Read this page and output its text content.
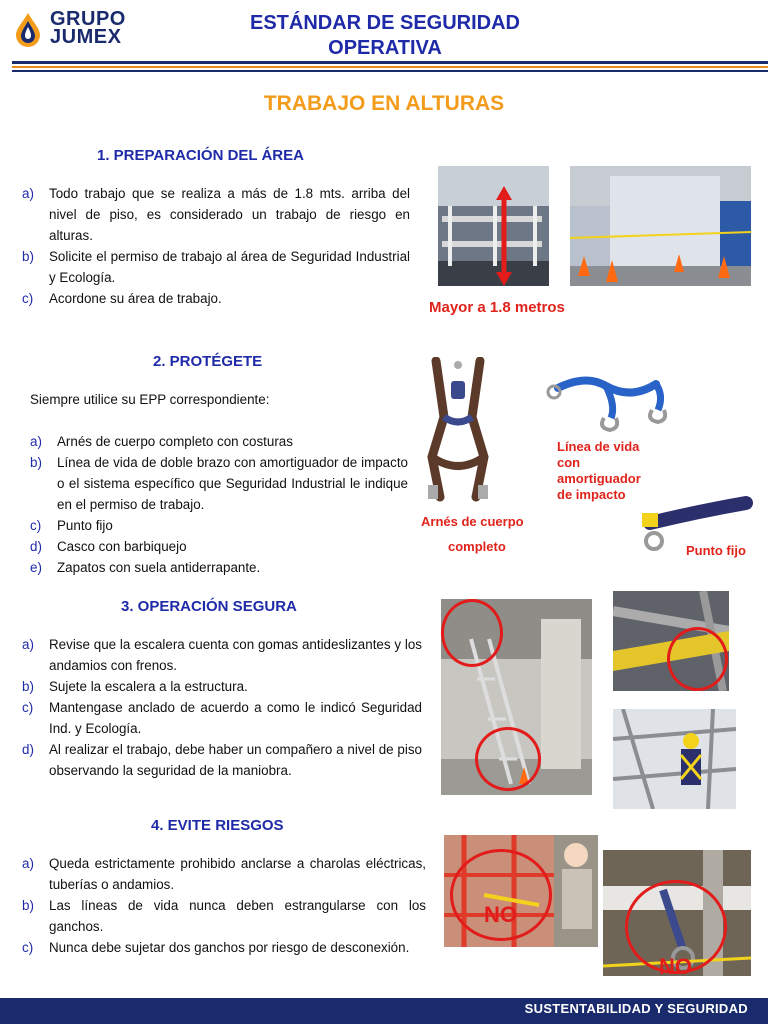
GRUPO
JUMEX
ESTÁNDAR DE SEGURIDAD
OPERATIVA
TRABAJO EN ALTURAS
1. PREPARACIÓN DEL ÁREA
a) Todo trabajo que se realiza a más de 1.8 mts. arriba del nivel de piso, es considerado un trabajo de riesgo en alturas.
b) Solicite el permiso de trabajo al área de Seguridad Industrial y Ecología.
c) Acordone su área de trabajo.
Mayor a 1.8 metros
2. PROTÉGETE
Siempre utilice su EPP correspondiente:
a) Arnés de cuerpo completo con costuras
b) Línea de vida de doble brazo con amortiguador de impacto o el sistema específico que Seguridad Industrial le indique en el permiso de trabajo.
c) Punto fijo
d) Casco con barbiquejo
e) Zapatos con suela antiderrapante.
Arnés de cuerpo
completo
Línea de vida
con
amortiguador
de impacto
Punto fijo
3. OPERACIÓN SEGURA
a) Revise que la escalera cuenta con gomas antideslizantes y los andamios con frenos.
b) Sujete la escalera a la estructura.
c) Mantengase anclado de acuerdo a como le indicó Seguridad Ind. y Ecología.
d) Al realizar el trabajo, debe haber un compañero a nivel de piso observando la seguridad de la maniobra.
4. EVITE RIESGOS
a) Queda estrictamente prohibido anclarse a charolas eléctricas, tuberías o andamios.
b) Las líneas de vida nunca deben estrangularse con los ganchos.
c) Nunca debe sujetar dos ganchos por riesgo de desconexión.
NO
NO
SUSTENTABILIDAD Y SEGURIDAD
